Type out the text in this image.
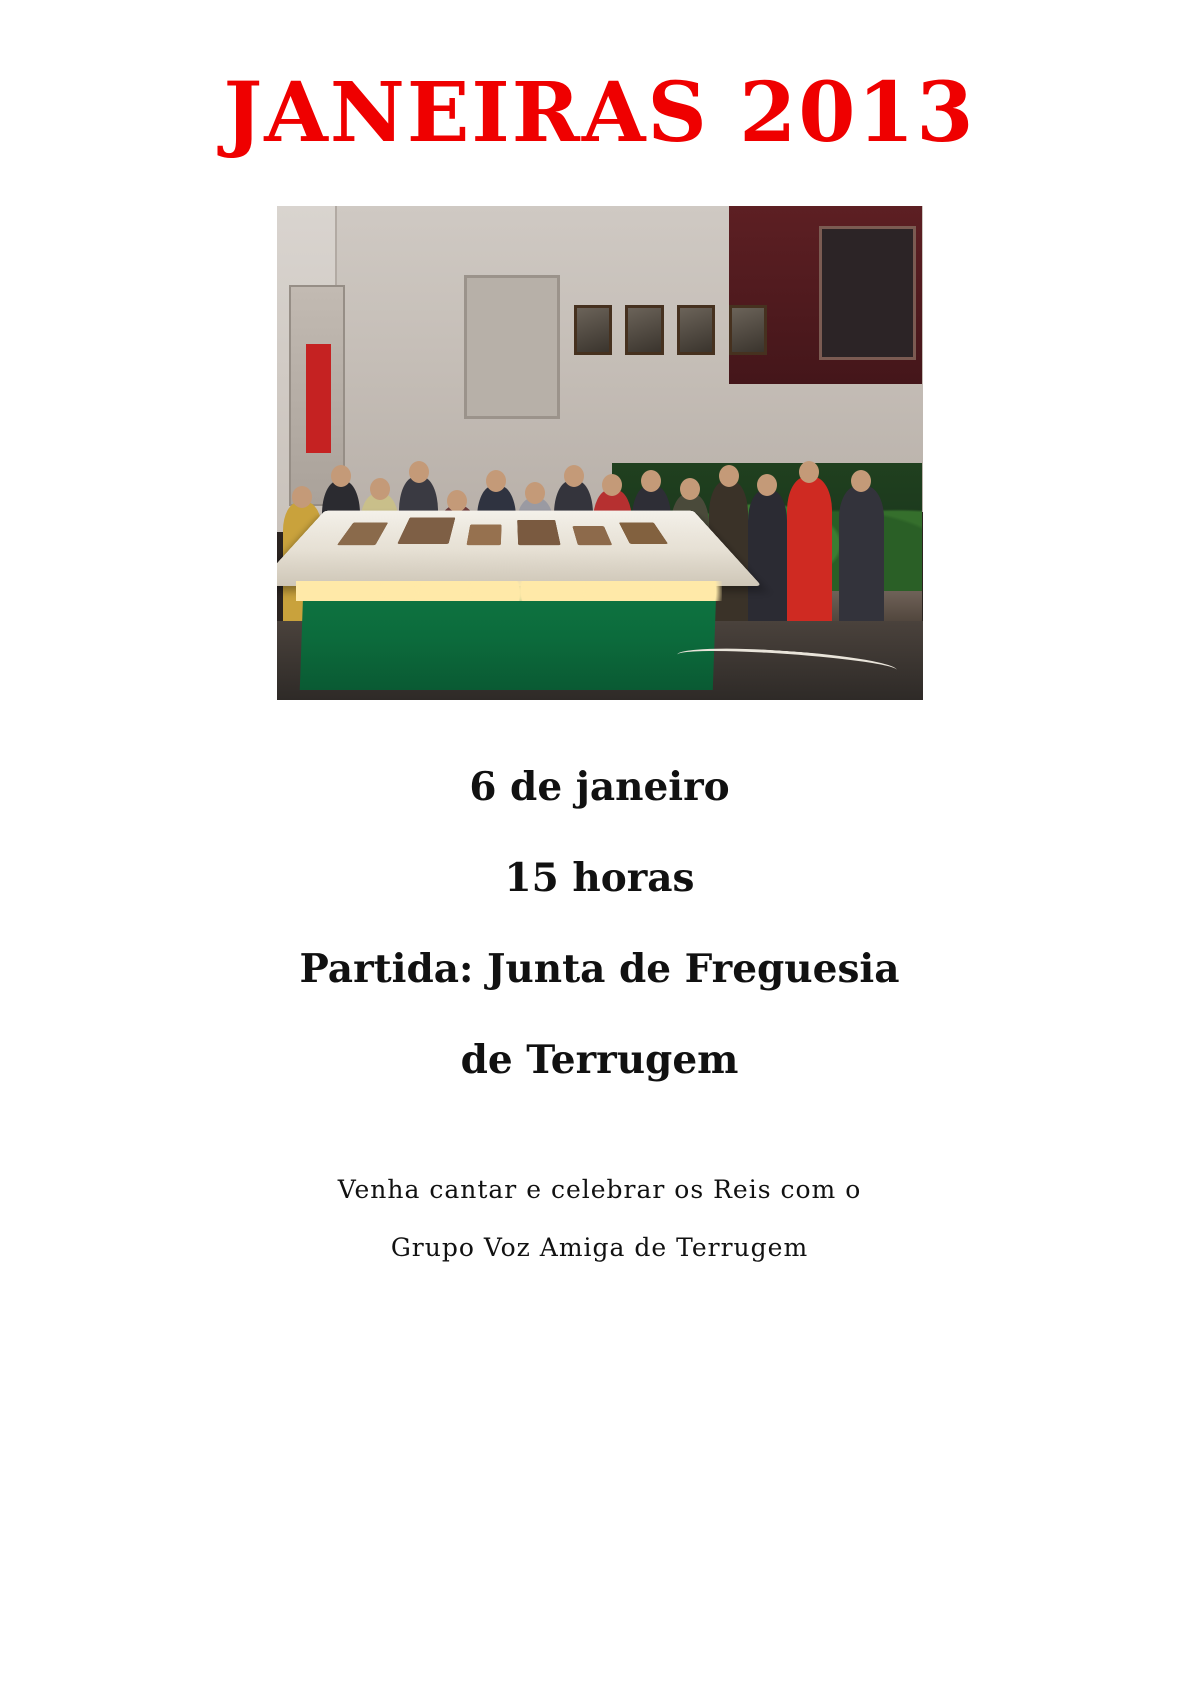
JANEIRAS 2013
6 de janeiro
15 horas
Partida: Junta de Freguesia
de Terrugem
Venha cantar e celebrar os Reis com o
Grupo Voz Amiga de Terrugem
